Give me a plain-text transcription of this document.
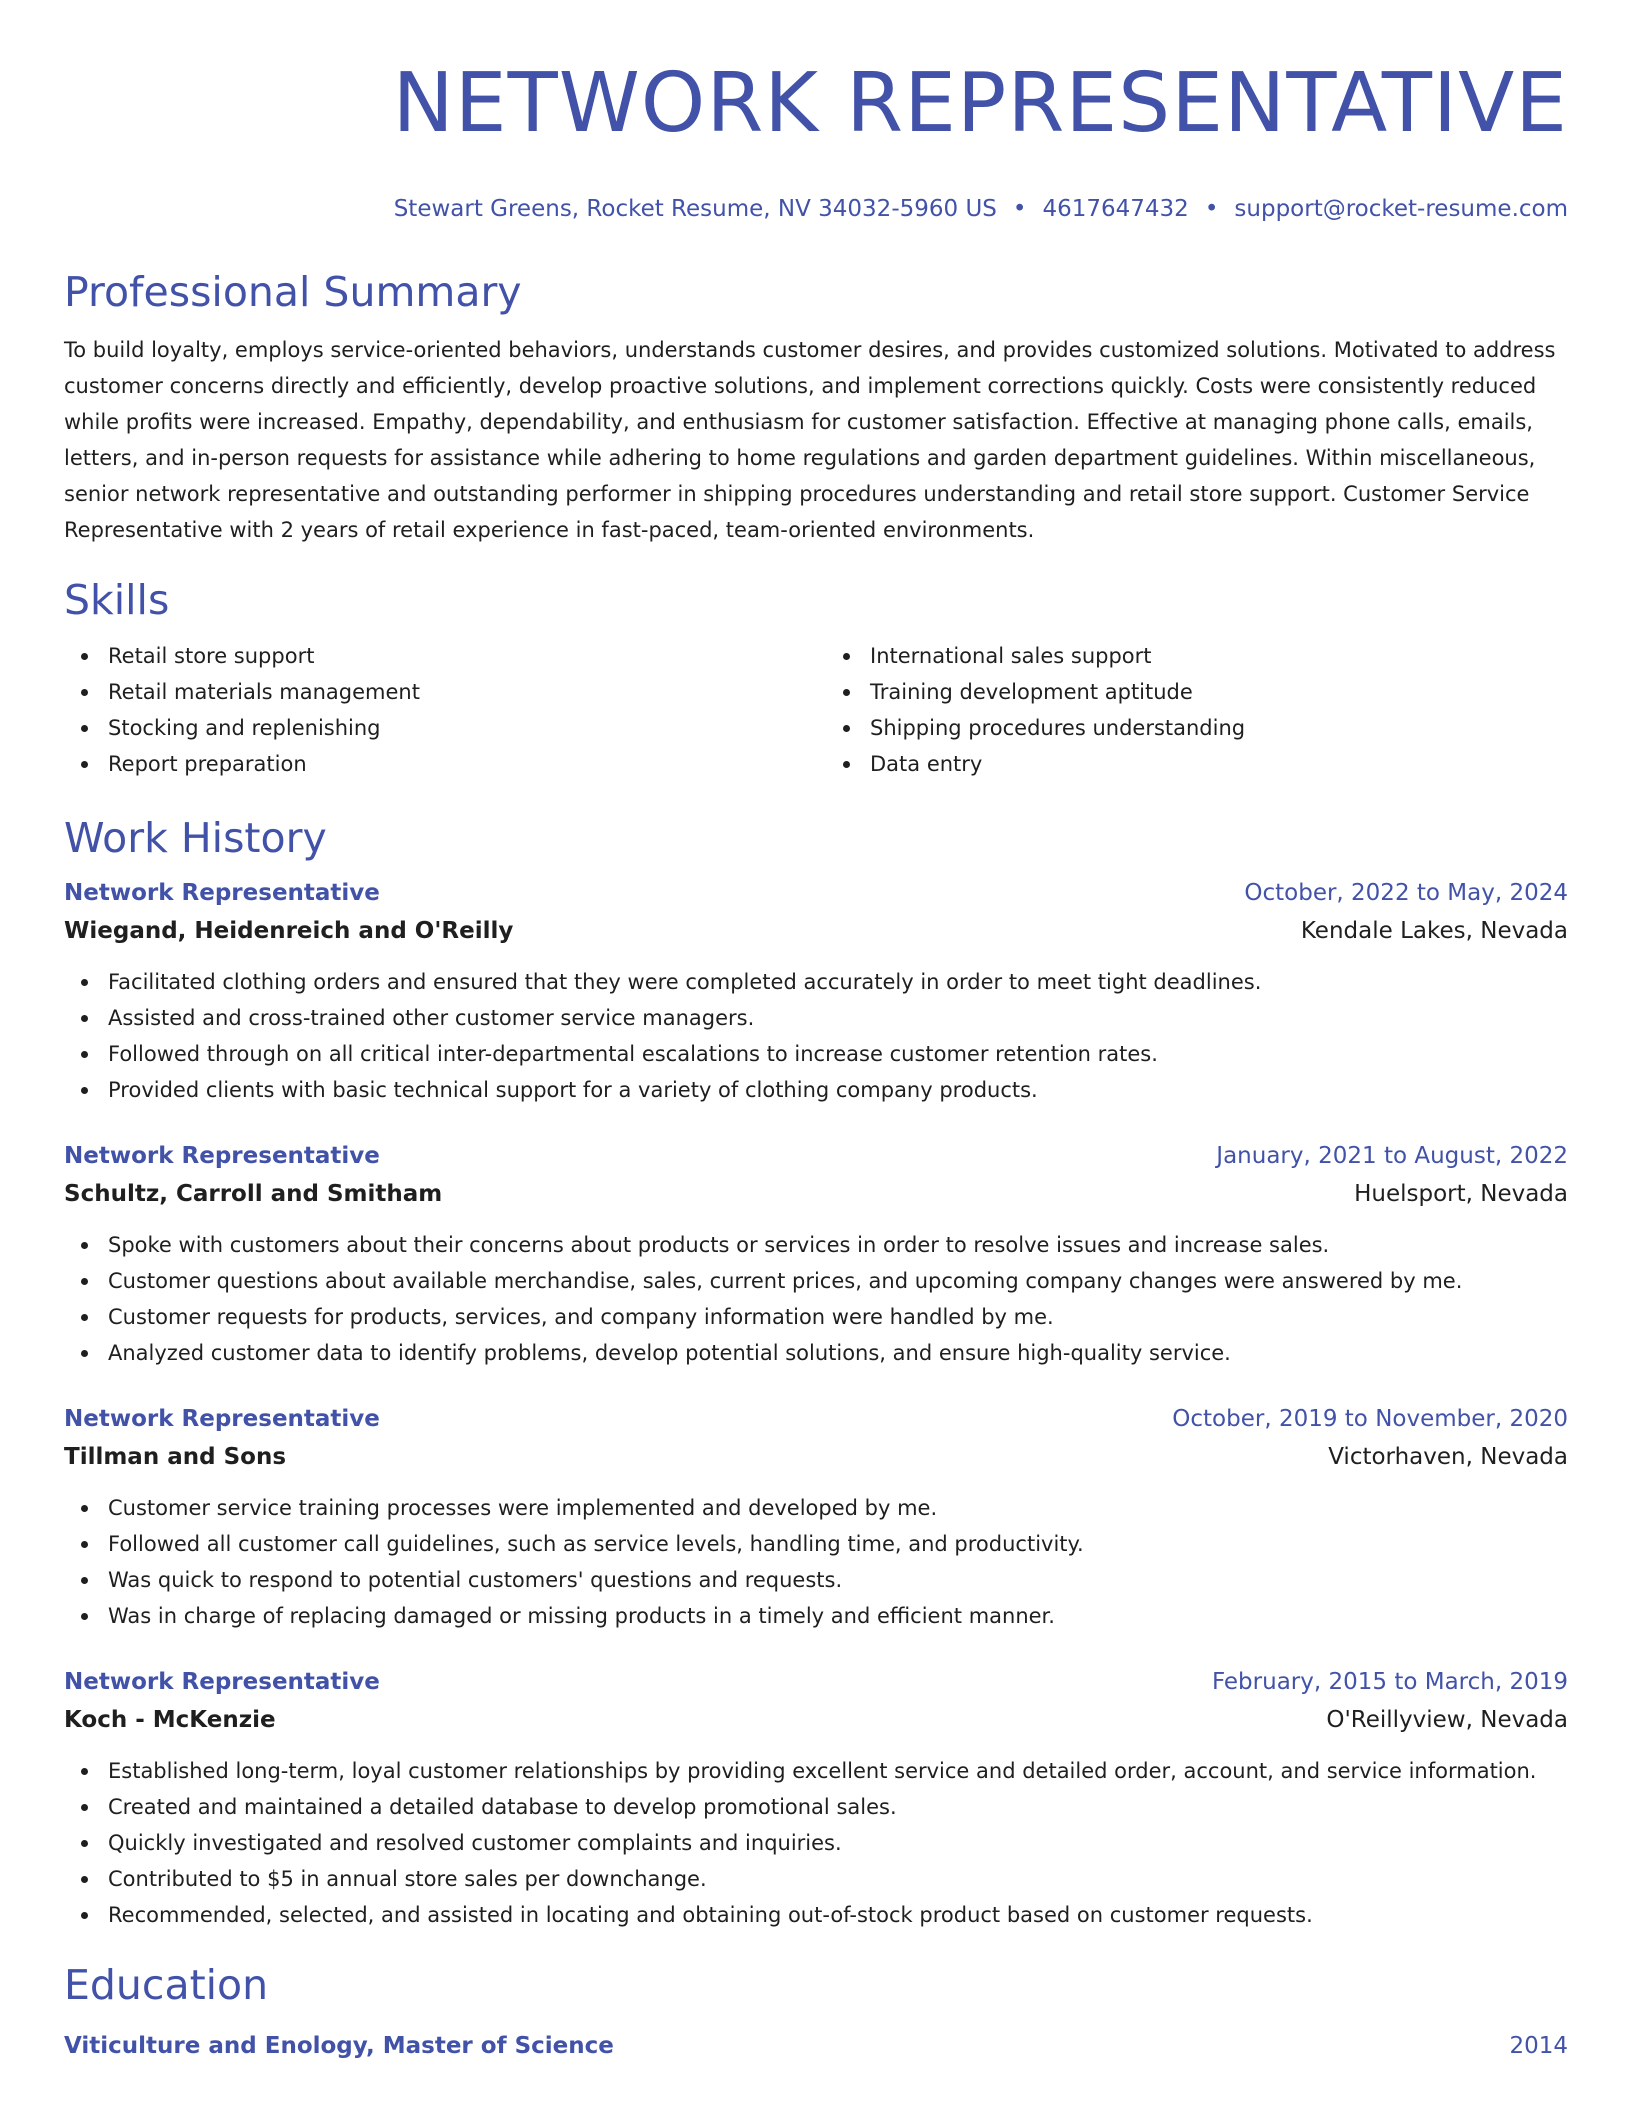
NETWORK REPRESENTATIVE
Stewart Greens, Rocket Resume, NV 34032-5960 US • 4617647432 • support@rocket-resume.com
Professional Summary

To build loyalty, employs service-oriented behaviors, understands customer desires, and provides customized solutions. Motivated to address customer concerns directly and efficiently, develop proactive solutions, and implement corrections quickly. Costs were consistently reduced while profits were increased. Empathy, dependability, and enthusiasm for customer satisfaction. Effective at managing phone calls, emails, letters, and in-person requests for assistance while adhering to home regulations and garden department guidelines. Within miscellaneous, senior network representative and outstanding performer in shipping procedures understanding and retail store support. Customer Service Representative with 2 years of retail experience in fast-paced, team-oriented environments.

Skills
Retail store support
Retail materials management
Stocking and replenishing
Report preparation
International sales support
Training development aptitude
Shipping procedures understanding
Data entry
Work History
Network Representative	October, 2022 to May, 2024
Wiegand, Heidenreich and O'Reilly	Kendale Lakes, Nevada
Facilitated clothing orders and ensured that they were completed accurately in order to meet tight deadlines.
Assisted and cross-trained other customer service managers.
Followed through on all critical inter-departmental escalations to increase customer retention rates.
Provided clients with basic technical support for a variety of clothing company products.
Network Representative	January, 2021 to August, 2022
Schultz, Carroll and Smitham	Huelsport, Nevada
Spoke with customers about their concerns about products or services in order to resolve issues and increase sales.
Customer questions about available merchandise, sales, current prices, and upcoming company changes were answered by me.
Customer requests for products, services, and company information were handled by me.
Analyzed customer data to identify problems, develop potential solutions, and ensure high-quality service.
Network Representative	October, 2019 to November, 2020
Tillman and Sons	Victorhaven, Nevada
Customer service training processes were implemented and developed by me.
Followed all customer call guidelines, such as service levels, handling time, and productivity.
Was quick to respond to potential customers' questions and requests.
Was in charge of replacing damaged or missing products in a timely and efficient manner.
Network Representative	February, 2015 to March, 2019
Koch - McKenzie	O'Reillyview, Nevada
Established long-term, loyal customer relationships by providing excellent service and detailed order, account, and service information.
Created and maintained a detailed database to develop promotional sales.
Quickly investigated and resolved customer complaints and inquiries.
Contributed to $5 in annual store sales per downchange.
Recommended, selected, and assisted in locating and obtaining out-of-stock product based on customer requests.
Education
Viticulture and Enology, Master of Science	2014
